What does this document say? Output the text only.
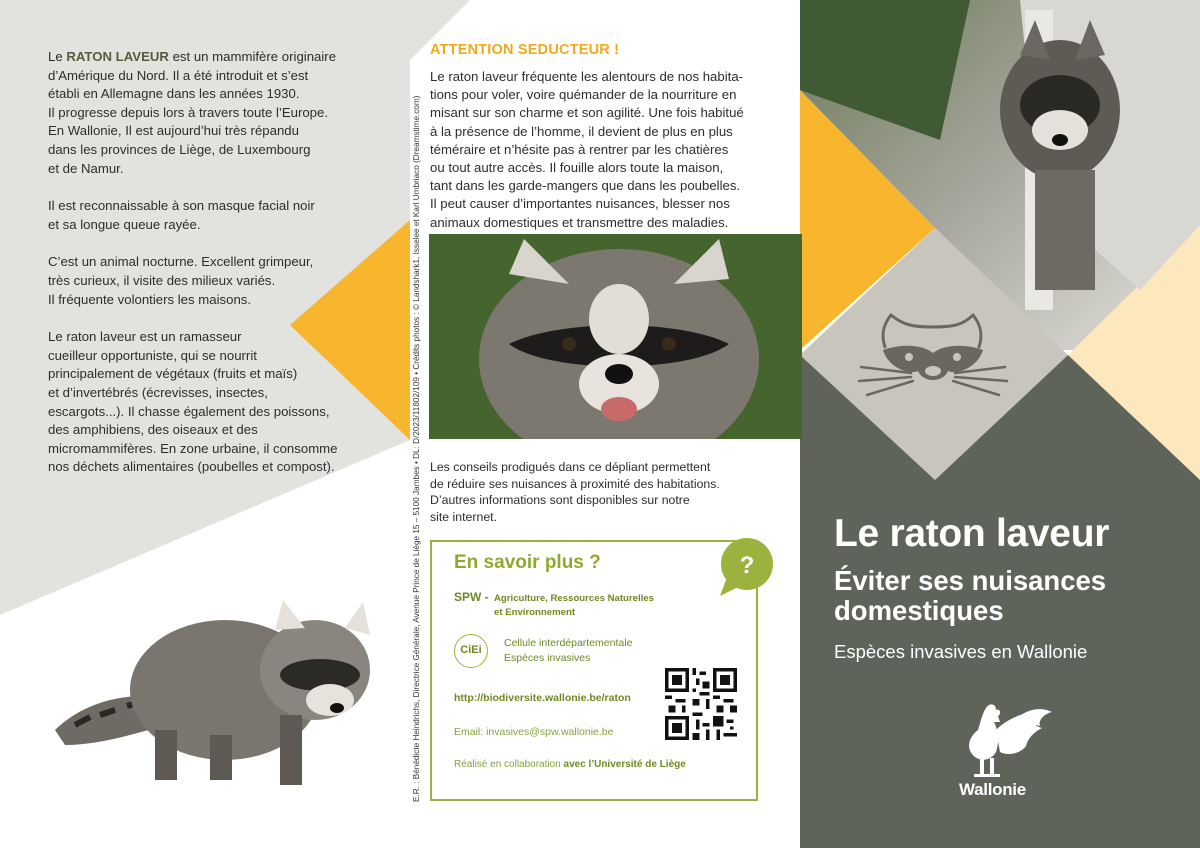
Le RATON LAVEUR est un mammifère originaire
d’Amérique du Nord. Il a été introduit et s’est
établi en Allemagne dans les années 1930.
Il progresse depuis lors à travers toute l’Europe.
En Wallonie, Il est aujourd’hui très répandu
dans les provinces de Liège, de Luxembourg
et de Namur.

Il est reconnaissable à son masque facial noir
et sa longue queue rayée.

C’est un animal nocturne. Excellent grimpeur,
très curieux, il visite des milieux variés.
Il fréquente volontiers les maisons.

Le raton laveur est un ramasseur
cueilleur opportuniste, qui se nourrit
principalement de végétaux (fruits et maïs)
et d’invertébrés (écrevisses, insectes,
escargots...). Il chasse également des poissons,
des amphibiens, des oiseaux et des
micromammifères. En zone urbaine, il consomme
nos déchets alimentaires (poubelles et compost).	E.R. : Bénédicte Heindrichs, Directrice Générale, Avenue Prince de Liège 15 – 5100 Jambes • DL: D/2023/11802/109 • Crédits photos : © Landshark1, Isselee et Karl Umbriaco (Dreamstime.com)
ATTENTION SEDUCTEUR !
Le raton laveur fréquente les alentours de nos habita-
tions pour voler, voire quémander de la nourriture en
misant sur son charme et son agilité. Une fois habitué
à la présence de l’homme, il devient de plus en plus
téméraire et n’hésite pas à rentrer par les chatières
ou tout autre accès. Il fouille alors toute la maison,
tant dans les garde-mangers que dans les poubelles.
Il peut causer d’importantes nuisances, blesser nos
animaux domestiques et transmettre des maladies.
Les conseils prodigués dans ce dépliant permettent
de réduire ses nuisances à proximité des habitations.
D’autres informations sont disponibles sur notre
site internet.
En savoir plus ?
SPW - Agriculture, Ressources Naturelles
et Environnement
CiEi
Cellule interdépartementale
Espèces invasives
http://biodiversite.wallonie.be/raton
Email: invasives@spw.wallonie.be
Réalisé en collaboration avec l’Université de Liège
?
Le raton laveur
Éviter ses nuisances
domestiques
Espèces invasives en Wallonie
Wallonie
